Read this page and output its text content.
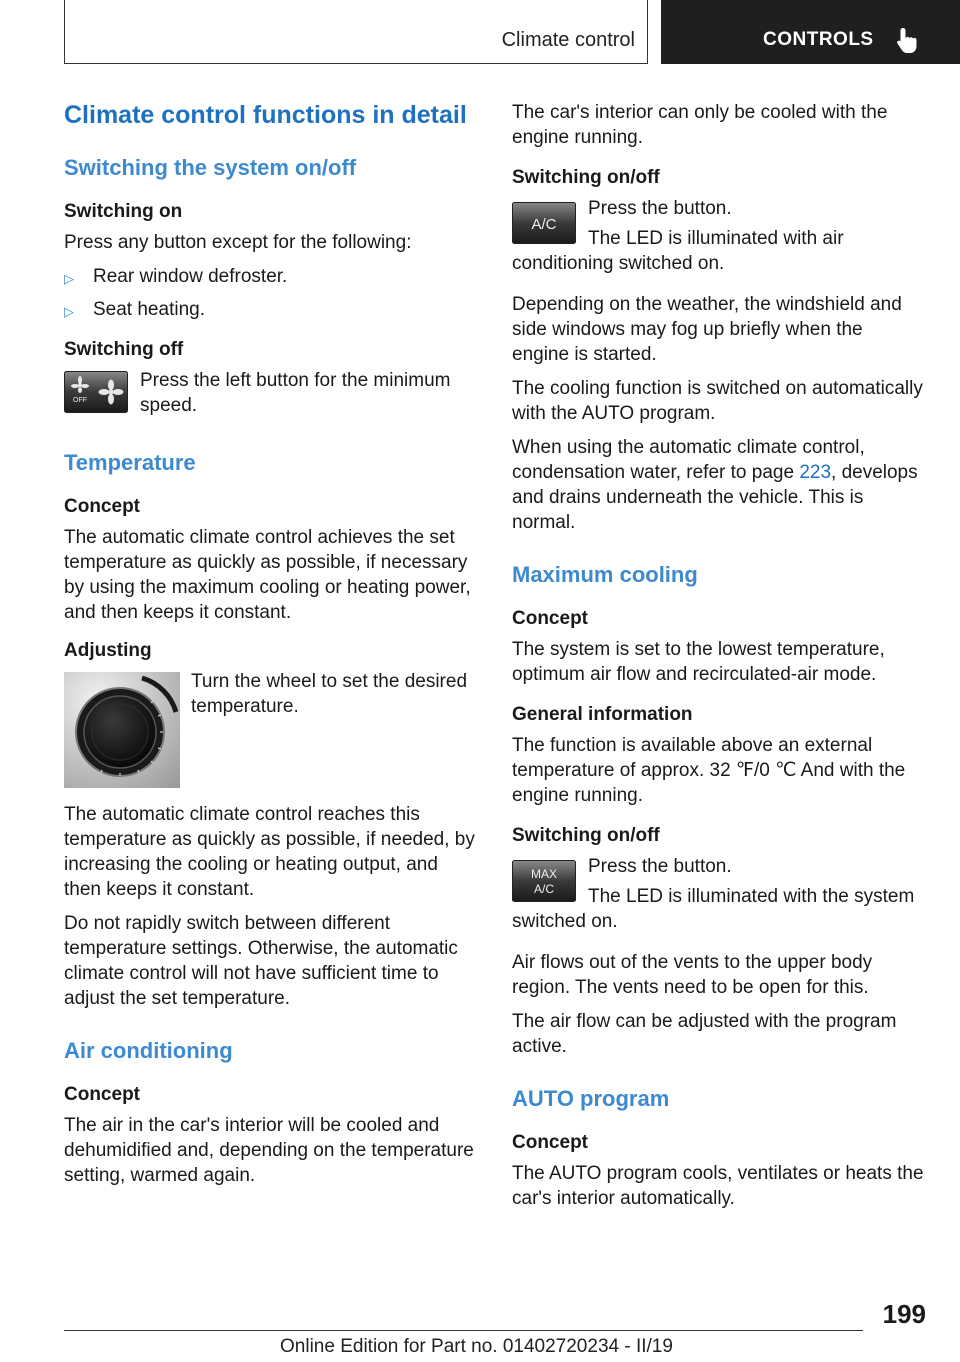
Climate control	CONTROLS
Climate control functions in detail
Switching the system on/off
Switching on

Press any button except for the following:

▷	Rear window defroster.
▷	Seat heating.
Switching off
OFF

Press the left button for the minimum speed.

Temperature
Concept

The automatic climate control achieves the set temperature as quickly as possible, if necessary by using the maximum cooling or heating power, and then keeps it constant.

Adjusting

Turn the wheel to set the desired temperature.

The automatic climate control reaches this temperature as quickly as possible, if needed, by increasing the cooling or heating output, and then keeps it constant.

Do not rapidly switch between different temperature settings. Otherwise, the automatic climate control will not have sufficient time to adjust the set temperature.

Air conditioning
Concept

The air in the car's interior will be cooled and dehumidified and, depending on the temperature setting, warmed again.

The car's interior can only be cooled with the engine running.

Switching on/off
A/C

Press the button.

The LED is illuminated with air conditioning switched on.

Depending on the weather, the windshield and side windows may fog up briefly when the engine is started.

The cooling function is switched on automatically with the AUTO program.

When using the automatic climate control, condensation water, refer to page 223, develops and drains underneath the vehicle. This is normal.

Maximum cooling
Concept

The system is set to the lowest temperature, optimum air flow and recirculated-air mode.

General information

The function is available above an external temperature of approx. 32 ℉/0 ℃ And with the engine running.

Switching on/off
MAX
A/C

Press the button.

The LED is illuminated with the system switched on.

Air flows out of the vents to the upper body region. The vents need to be open for this.

The air flow can be adjusted with the program active.

AUTO program
Concept

The AUTO program cools, ventilates or heats the car's interior automatically.

199
Online Edition for Part no. 01402720234 - II/19
